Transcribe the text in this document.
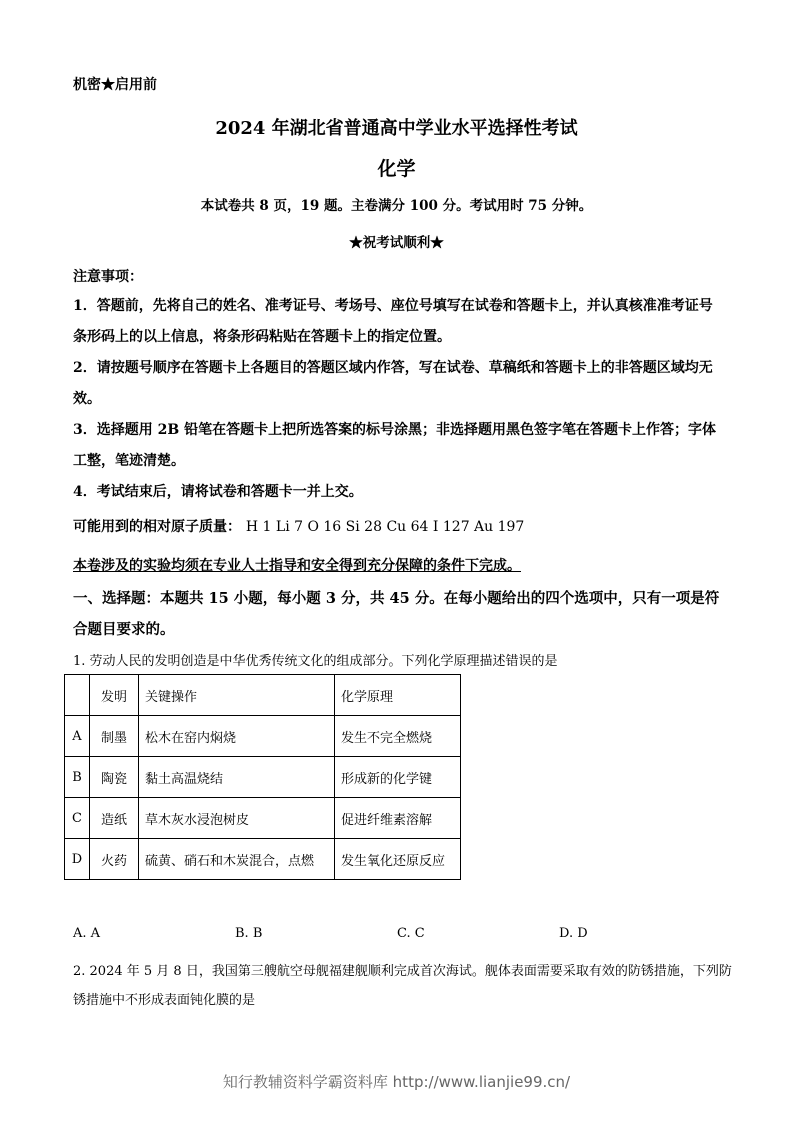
机密★启用前
2024 年湖北省普通高中学业水平选择性考试
化学
本试卷共 8 页，19 题。主卷满分 100 分。考试用时 75 分钟。
★祝考试顺利★
注意事项：
1．答题前，先将自己的姓名、准考证号、考场号、座位号填写在试卷和答题卡上，并认真核准准考证号条形码上的以上信息，将条形码粘贴在答题卡上的指定位置。
2．请按题号顺序在答题卡上各题目的答题区域内作答，写在试卷、草稿纸和答题卡上的非答题区域均无效。
3．选择题用 2B 铅笔在答题卡上把所选答案的标号涂黑；非选择题用黑色签字笔在答题卡上作答；字体工整，笔迹清楚。
4．考试结束后，请将试卷和答题卡一并上交。
可能用到的相对原子质量： H 1 Li 7 O 16 Si 28 Cu 64 I 127 Au 197
本卷涉及的实验均须在专业人士指导和安全得到充分保障的条件下完成。
一、选择题：本题共 15 小题，每小题 3 分，共 45 分。在每小题给出的四个选项中，只有一项是符合题目要求的。
1. 劳动人民的发明创造是中华优秀传统文化的组成部分。下列化学原理描述错误的是
	发明	关键操作	化学原理
A	制墨	松木在窑内焖烧	发生不完全燃烧
B	陶瓷	黏土高温烧结	形成新的化学键
C	造纸	草木灰水浸泡树皮	促进纤维素溶解
D	火药	硫黄、硝石和木炭混合，点燃	发生氧化还原反应
A. A	B. B	C. C	D. D
2. 2024 年 5 月 8 日，我国第三艘航空母舰福建舰顺利完成首次海试。舰体表面需要采取有效的防锈措施，下列防锈措施中不形成表面钝化膜的是
知行教辅资料学霸资料库 http://www.lianjie99.cn/
